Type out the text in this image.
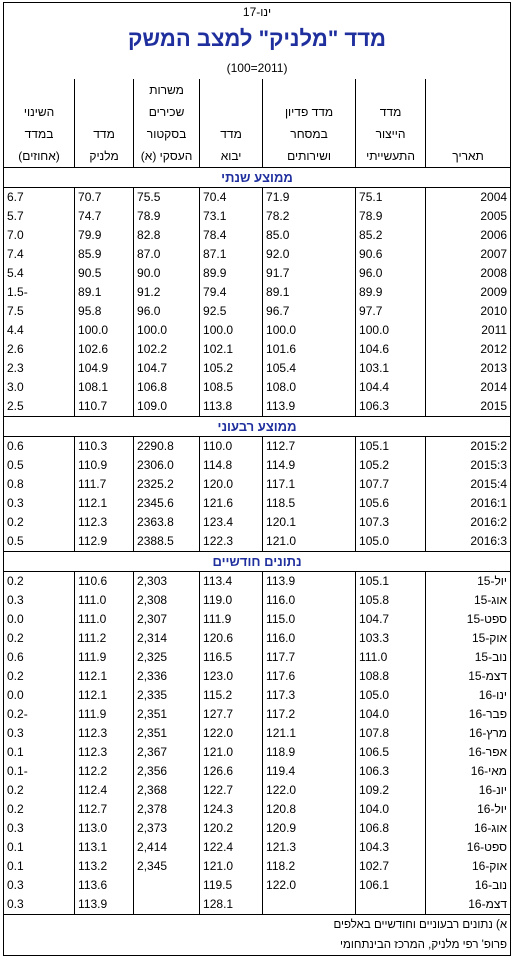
ינו-17						
מדד "מלניק" למצב המשק						
(2011=100)						
				משרות		
	מדד	מדד פדיון		שכירים		השינוי
	הייצור	במסחר	מדד	בסקטור	מדד	במדד
תאריך	התעשייתי	ושירותים	יבוא	העסקי (א)	מלניק	(אחוזים)
ממוצע שנתי						
2004	75.1	71.9	70.4	75.5	70.7	6.7
2005	78.9	78.2	73.1	78.9	74.7	5.7
2006	85.2	85.0	78.4	82.8	79.9	7.0
2007	90.6	92.0	87.1	87.0	85.9	7.4
2008	96.0	91.7	89.9	90.0	90.5	5.4
2009	89.9	89.1	79.4	91.2	89.1	-1.5
2010	97.7	96.7	92.5	96.0	95.8	7.5
2011	100.0	100.0	100.0	100.0	100.0	4.4
2012	104.6	101.6	102.1	102.2	102.6	2.6
2013	103.1	105.4	105.2	104.7	104.9	2.3
2014	104.4	108.0	108.5	106.8	108.1	3.0
2015	106.3	113.9	113.8	109.0	110.7	2.5
ממוצע רבעוני						
2015:2	105.1	112.7	110.0	2290.8	110.3	0.6
2015:3	105.2	114.9	114.8	2306.0	110.9	0.5
2015:4	107.7	117.1	120.0	2325.2	111.7	0.8
2016:1	105.6	118.5	121.6	2345.6	112.1	0.3
2016:2	107.3	120.1	123.4	2363.8	112.3	0.2
2016:3	105.0	121.0	122.3	2388.5	112.9	0.5
נתונים חודשיים						
יול-15	105.1	113.9	113.4	2,303	110.6	0.2
אוג-15	105.8	116.0	119.0	2,308	111.0	0.3
ספט-15	104.7	115.0	111.9	2,307	111.0	0.0
אוק-15	103.3	116.0	120.6	2,314	111.2	0.2
נוב-15	111.0	117.7	116.5	2,325	111.9	0.6
דצמ-15	108.8	117.6	123.0	2,336	112.1	0.2
ינו-16	105.0	117.3	115.2	2,335	112.1	0.0
פבר-16	104.0	117.2	127.7	2,351	111.9	-0.2
מרץ-16	107.8	121.1	122.0	2,351	112.3	0.3
אפר-16	106.5	118.9	121.0	2,367	112.3	0.1
מאי-16	106.3	119.4	126.6	2,356	112.2	-0.1
יונ-16	109.2	122.0	122.7	2,368	112.4	0.2
יול-16	104.0	120.8	124.3	2,378	112.7	0.2
אוג-16	106.8	120.9	120.2	2,373	113.0	0.3
ספט-16	104.3	121.3	122.4	2,414	113.1	0.1
אוק-16	102.7	118.2	121.0	2,345	113.2	0.1
נוב-16	106.1	122.0	119.5		113.6	0.3
דצמ-16			128.1		113.9	0.3
א) נתונים רבעוניים וחודשיים באלפים						
פרופ' רפי מלניק, המרכז הבינתחומי						
